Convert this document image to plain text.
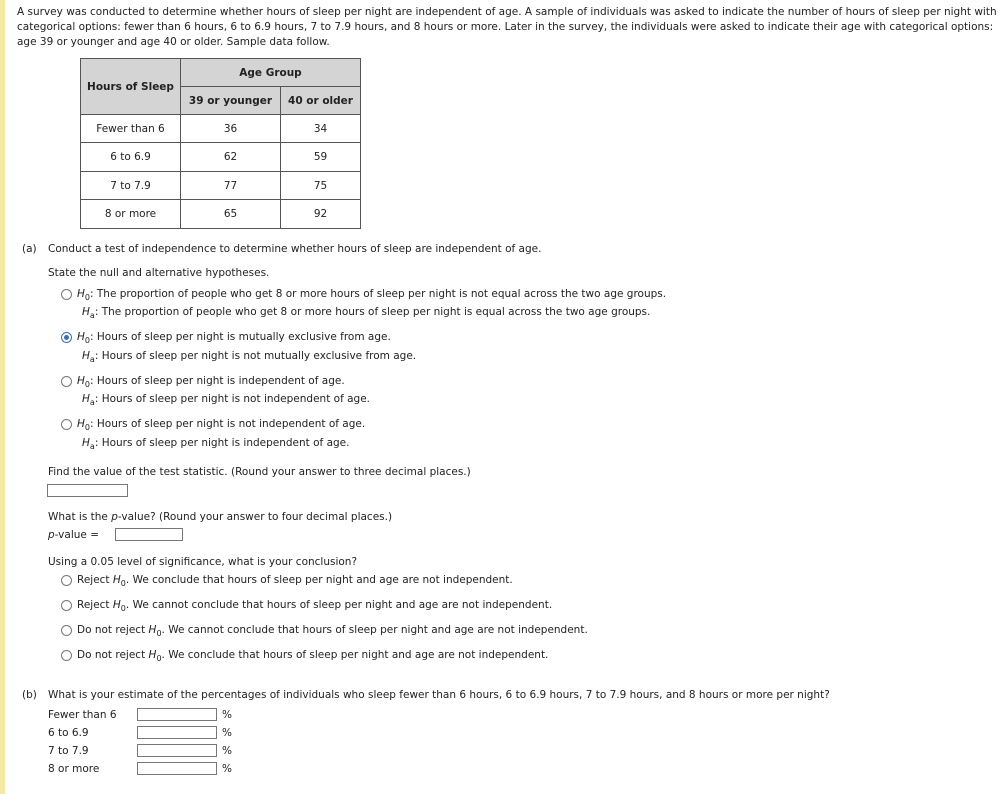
A survey was conducted to determine whether hours of sleep per night are independent of age. A sample of individuals was asked to indicate the number of hours of sleep per night with categorical options: fewer than 6 hours, 6 to 6.9 hours, 7 to 7.9 hours, and 8 hours or more. Later in the survey, the individuals were asked to indicate their age with categorical options: age 39 or younger and age 40 or older. Sample data follow.
Hours of Sleep	Age Group	
	39 or younger	40 or older
Fewer than 6	36	34
6 to 6.9	62	59
7 to 7.9	77	75
8 or more	65	92
(a) Conduct a test of independence to determine whether hours of sleep are independent of age.
State the null and alternative hypotheses.
$H_0$: The proportion of people who get 8 or more hours of sleep per night is not equal across the two age groups.
$H_a$: The proportion of people who get 8 or more hours of sleep per night is equal across the two age groups.
$H_0$: Hours of sleep per night is mutually exclusive from age.
$H_a$: Hours of sleep per night is not mutually exclusive from age.
$H_0$: Hours of sleep per night is independent of age.
$H_a$: Hours of sleep per night is not independent of age.
$H_0$: Hours of sleep per night is not independent of age.
$H_a$: Hours of sleep per night is independent of age.
Find the value of the test statistic. (Round your answer to three decimal places.)
What is the p-value? (Round your answer to four decimal places.)
p-value =
Using a 0.05 level of significance, what is your conclusion?
Reject $H_0$. We conclude that hours of sleep per night and age are not independent.
Reject $H_0$. We cannot conclude that hours of sleep per night and age are not independent.
Do not reject $H_0$. We cannot conclude that hours of sleep per night and age are not independent.
Do not reject $H_0$. We conclude that hours of sleep per night and age are not independent.
(b) What is your estimate of the percentages of individuals who sleep fewer than 6 hours, 6 to 6.9 hours, 7 to 7.9 hours, and 8 hours or more per night?
Fewer than 6	%
6 to 6.9	%
7 to 7.9	%
8 or more	%
